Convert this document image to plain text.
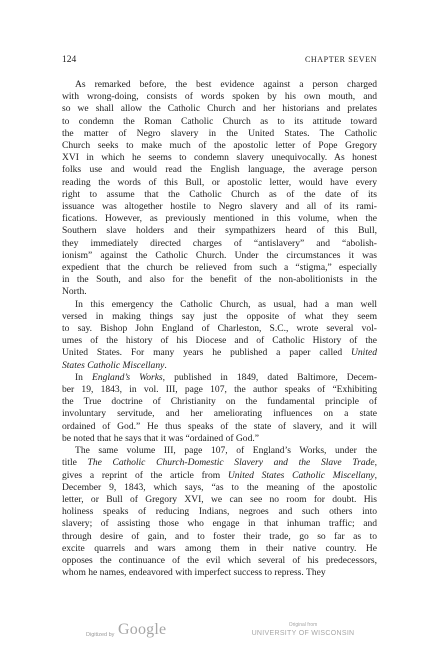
124	CHAPTER SEVEN
As remarked before, the best evidence against a person charged
with wrong-doing, consists of words spoken by his own mouth, and
so we shall allow the Catholic Church and her historians and prelates
to condemn the Roman Catholic Church as to its attitude toward
the matter of Negro slavery in the United States. The Catholic
Church seeks to make much of the apostolic letter of Pope Gregory
XVI in which he seems to condemn slavery unequivocally. As honest
folks use and would read the English language, the average person
reading the words of this Bull, or apostolic letter, would have every
right to assume that the Catholic Church as of the date of its
issuance was altogether hostile to Negro slavery and all of its rami-
fications. However, as previously mentioned in this volume, when the
Southern slave holders and their sympathizers heard of this Bull,
they immediately directed charges of “antislavery” and “abolish-
ionism” against the Catholic Church. Under the circumstances it was
expedient that the church be relieved from such a “stigma,” especially
in the South, and also for the benefit of the non-abolitionists in the
North.
In this emergency the Catholic Church, as usual, had a man well
versed in making things say just the opposite of what they seem
to say. Bishop John England of Charleston, S.C., wrote several vol-
umes of the history of his Diocese and of Catholic History of the
United States. For many years he published a paper called United
States Catholic Miscellany.
In England’s Works, published in 1849, dated Baltimore, Decem-
ber 19, 1843, in vol. III, page 107, the author speaks of “Exhibiting
the True doctrine of Christianity on the fundamental principle of
involuntary servitude, and her ameliorating influences on a state
ordained of God.” He thus speaks of the state of slavery, and it will
be noted that he says that it was “ordained of God.”
The same volume III, page 107, of England’s Works, under the
title The Catholic Church-Domestic Slavery and the Slave Trade,
gives a reprint of the article from United States Catholic Miscellany,
December 9, 1843, which says, “as to the meaning of the apostolic
letter, or Bull of Gregory XVI, we can see no room for doubt. His
holiness speaks of reducing Indians, negroes and such others into
slavery; of assisting those who engage in that inhuman traffic; and
through desire of gain, and to foster their trade, go so far as to
excite quarrels and wars among them in their native country. He
opposes the continuance of the evil which several of his predecessors,
whom he names, endeavored with imperfect success to repress. They
Digitized by Google	Original from
UNIVERSITY OF WISCONSIN
